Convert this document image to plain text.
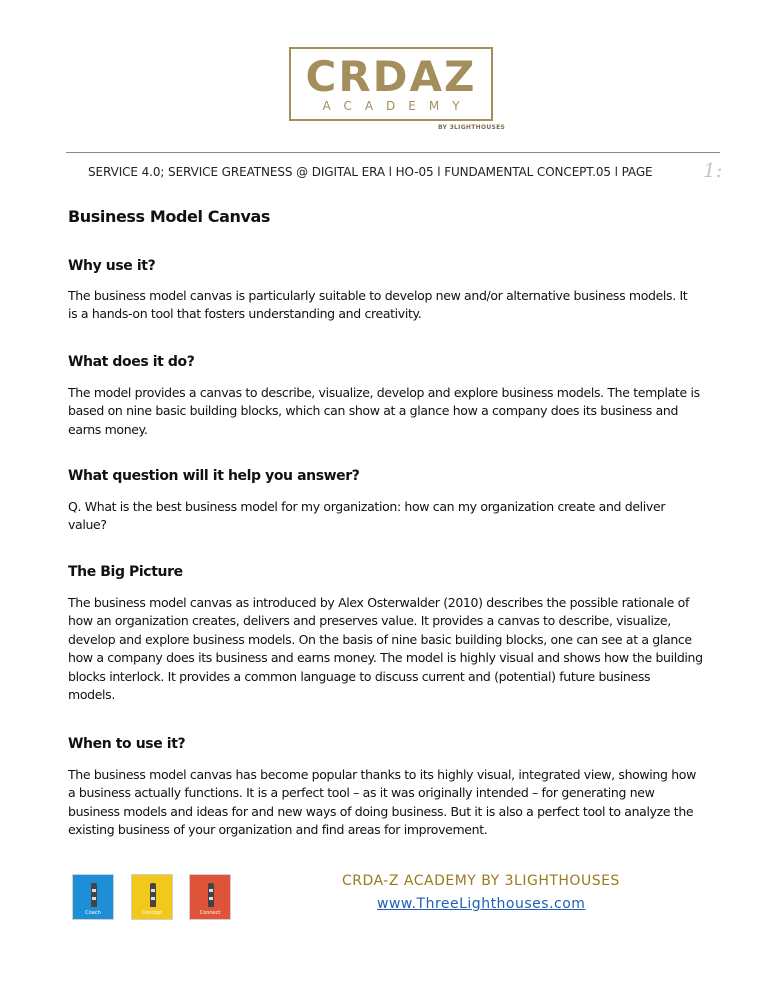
CRDAZ
ACADEMY
BY 3LIGHTHOUSES
SERVICE 4.0; SERVICE GREATNESS @ DIGITAL ERA l HO-05 l FUNDAMENTAL CONCEPT.05 l PAGE	1:
Business Model Canvas
Why use it?
The business model canvas is particularly suitable to develop new and/or alternative business models. It
is a hands-on tool that fosters understanding and creativity.
What does it do?
The model provides a canvas to describe, visualize, develop and explore business models. The template is
based on nine basic building blocks, which can show at a glance how a company does its business and
earns money.
What question will it help you answer?
Q. What is the best business model for my organization: how can my organization create and deliver
value?
The Big Picture
The business model canvas as introduced by Alex Osterwalder (2010) describes the possible rationale of
how an organization creates, delivers and preserves value. It provides a canvas to describe, visualize,
develop and explore business models. On the basis of nine basic building blocks, one can see at a glance
how a company does its business and earns money. The model is highly visual and shows how the building
blocks interlock. It provides a common language to discuss current and (potential) future business
models.
When to use it?
The business model canvas has become popular thanks to its highly visual, integrated view, showing how
a business actually functions. It is a perfect tool – as it was originally intended – for generating new
business models and ideas for and new ways of doing business. But it is also a perfect tool to analyze the
existing business of your organization and find areas for improvement.
Coach	Concept	Connect
CRDA-Z ACADEMY BY 3LIGHTHOUSES
www.ThreeLighthouses.com
